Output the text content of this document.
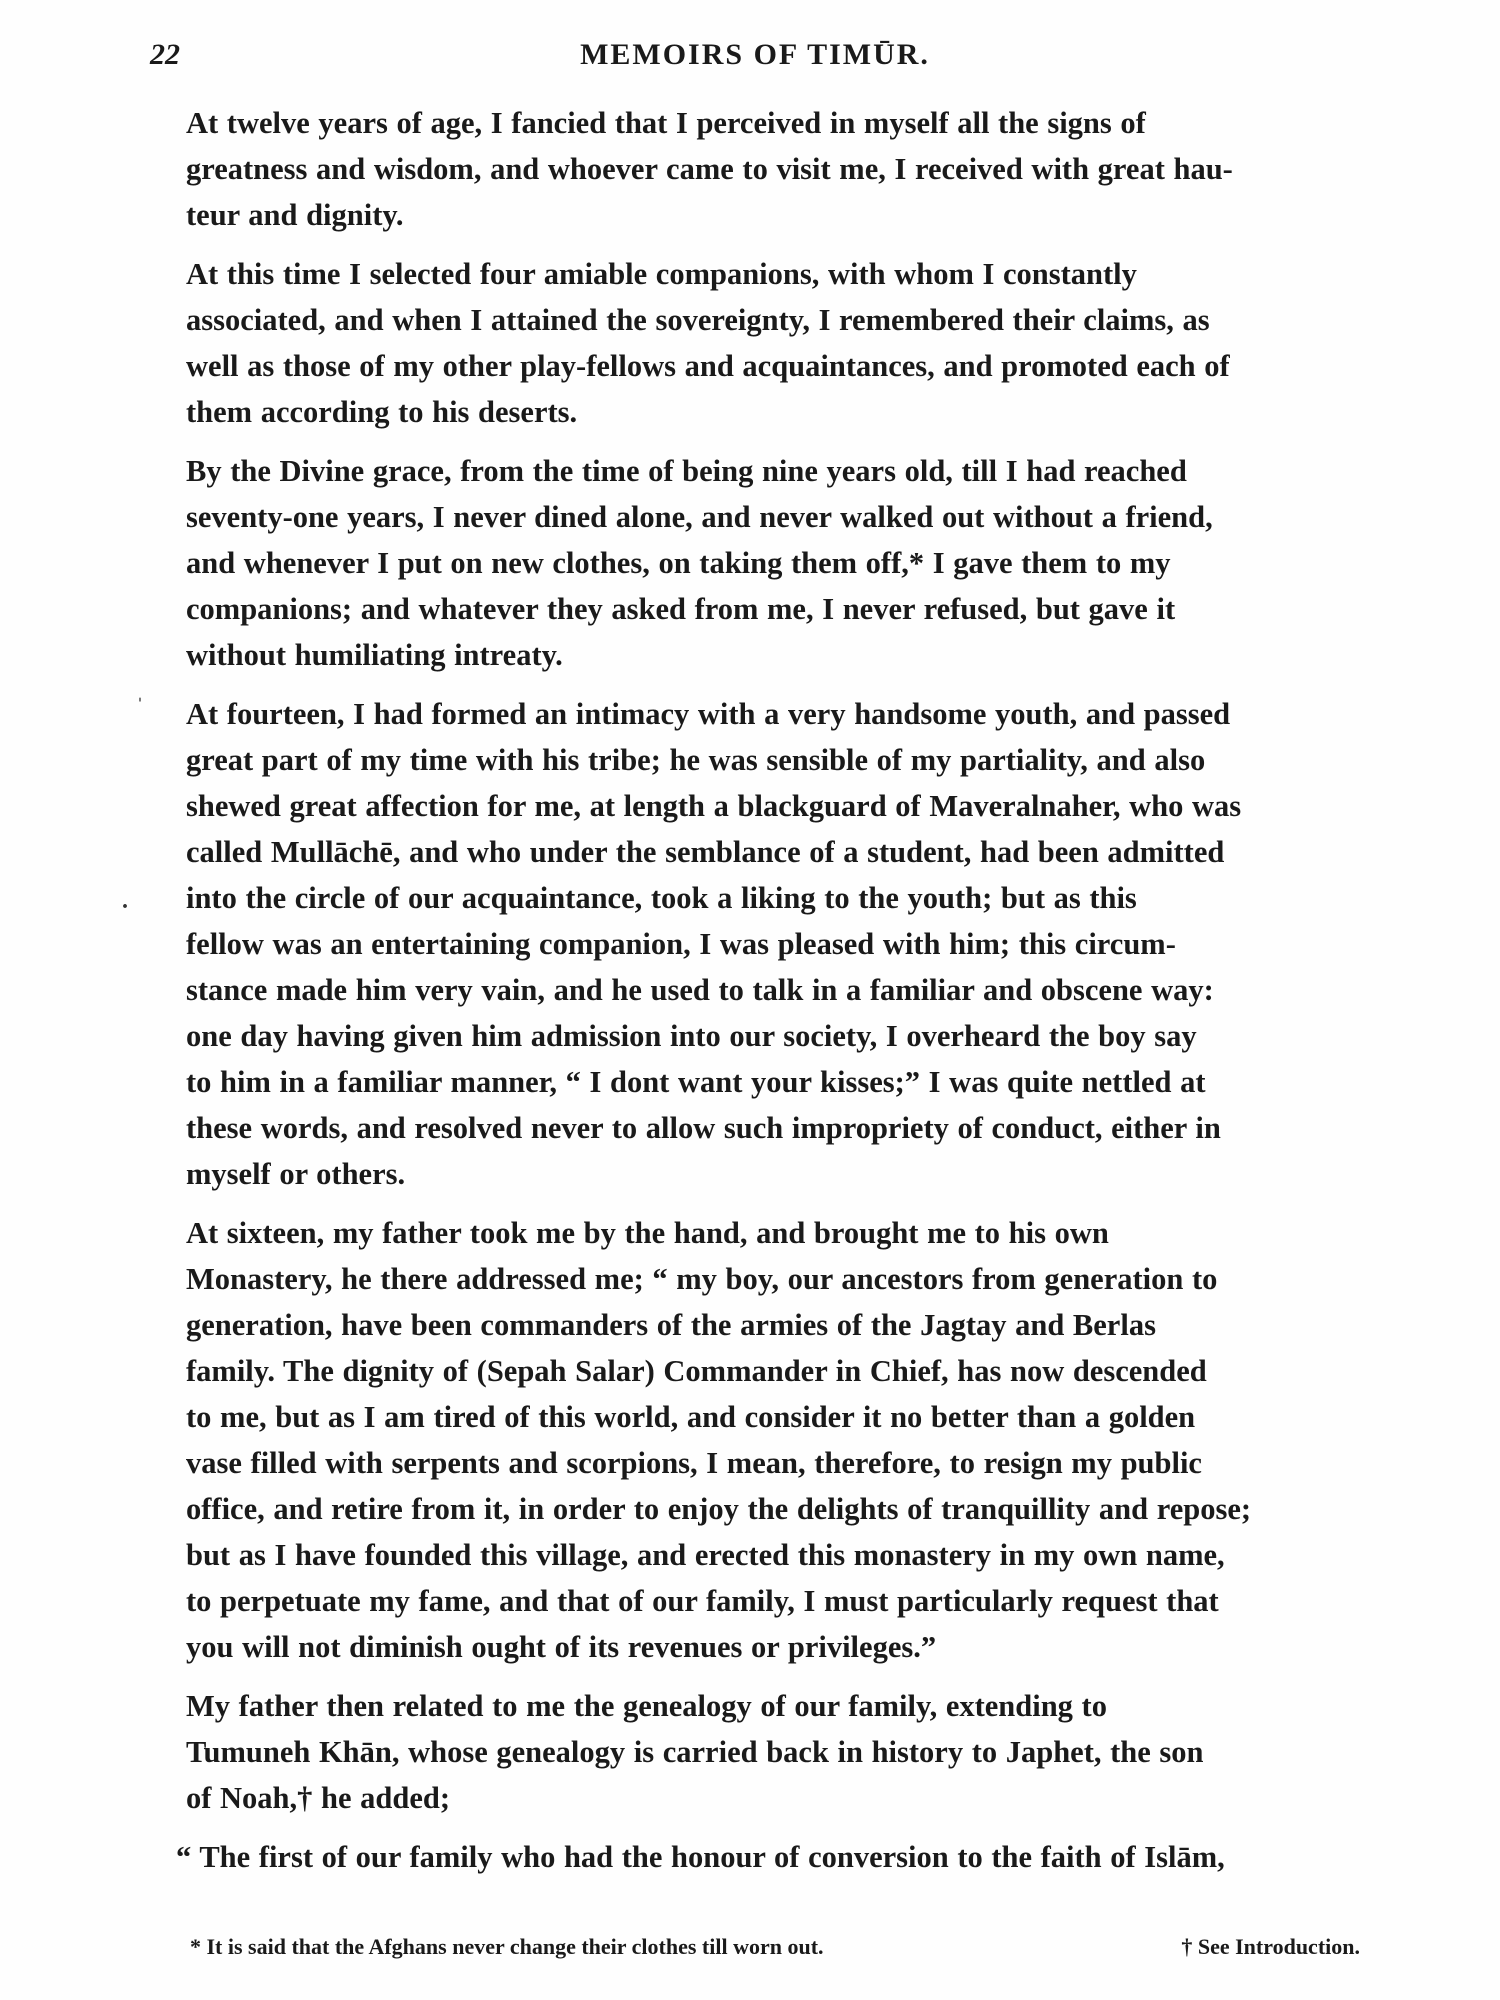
22	MEMOIRS OF TIMŪR.

At twelve years of age, I fancied that I perceived in myself all the signs of
greatness and wisdom, and whoever came to visit me, I received with great hau-
teur and dignity.

At this time I selected four amiable companions, with whom I constantly
associated, and when I attained the sovereignty, I remembered their claims, as
well as those of my other play-fellows and acquaintances, and promoted each of
them according to his deserts.

By the Divine grace, from the time of being nine years old, till I had reached
seventy-one years, I never dined alone, and never walked out without a friend,
and whenever I put on new clothes, on taking them off,* I gave them to my
companions; and whatever they asked from me, I never refused, but gave it
without humiliating intreaty.

At fourteen, I had formed an intimacy with a very handsome youth, and passed
great part of my time with his tribe; he was sensible of my partiality, and also
shewed great affection for me, at length a blackguard of Maveralnaher, who was
called Mullāchē, and who under the semblance of a student, had been admitted
into the circle of our acquaintance, took a liking to the youth; but as this
fellow was an entertaining companion, I was pleased with him; this circum-
stance made him very vain, and he used to talk in a familiar and obscene way:
one day having given him admission into our society, I overheard the boy say
to him in a familiar manner, “ I dont want your kisses;” I was quite nettled at
these words, and resolved never to allow such impropriety of conduct, either in
myself or others.

At sixteen, my father took me by the hand, and brought me to his own
Monastery, he there addressed me; “ my boy, our ancestors from generation to
generation, have been commanders of the armies of the Jagtay and Berlas
family. The dignity of (Sepah Salar) Commander in Chief, has now descended
to me, but as I am tired of this world, and consider it no better than a golden
vase filled with serpents and scorpions, I mean, therefore, to resign my public
office, and retire from it, in order to enjoy the delights of tranquillity and repose;
but as I have founded this village, and erected this monastery in my own name,
to perpetuate my fame, and that of our family, I must particularly request that
you will not diminish ought of its revenues or privileges.”

My father then related to me the genealogy of our family, extending to
Tumuneh Khān, whose genealogy is carried back in history to Japhet, the son
of Noah,† he added;

“ The first of our family who had the honour of conversion to the faith of Islām,

ˌ
.
* It is said that the Afghans never change their clothes till worn out.	† See Introduction.
